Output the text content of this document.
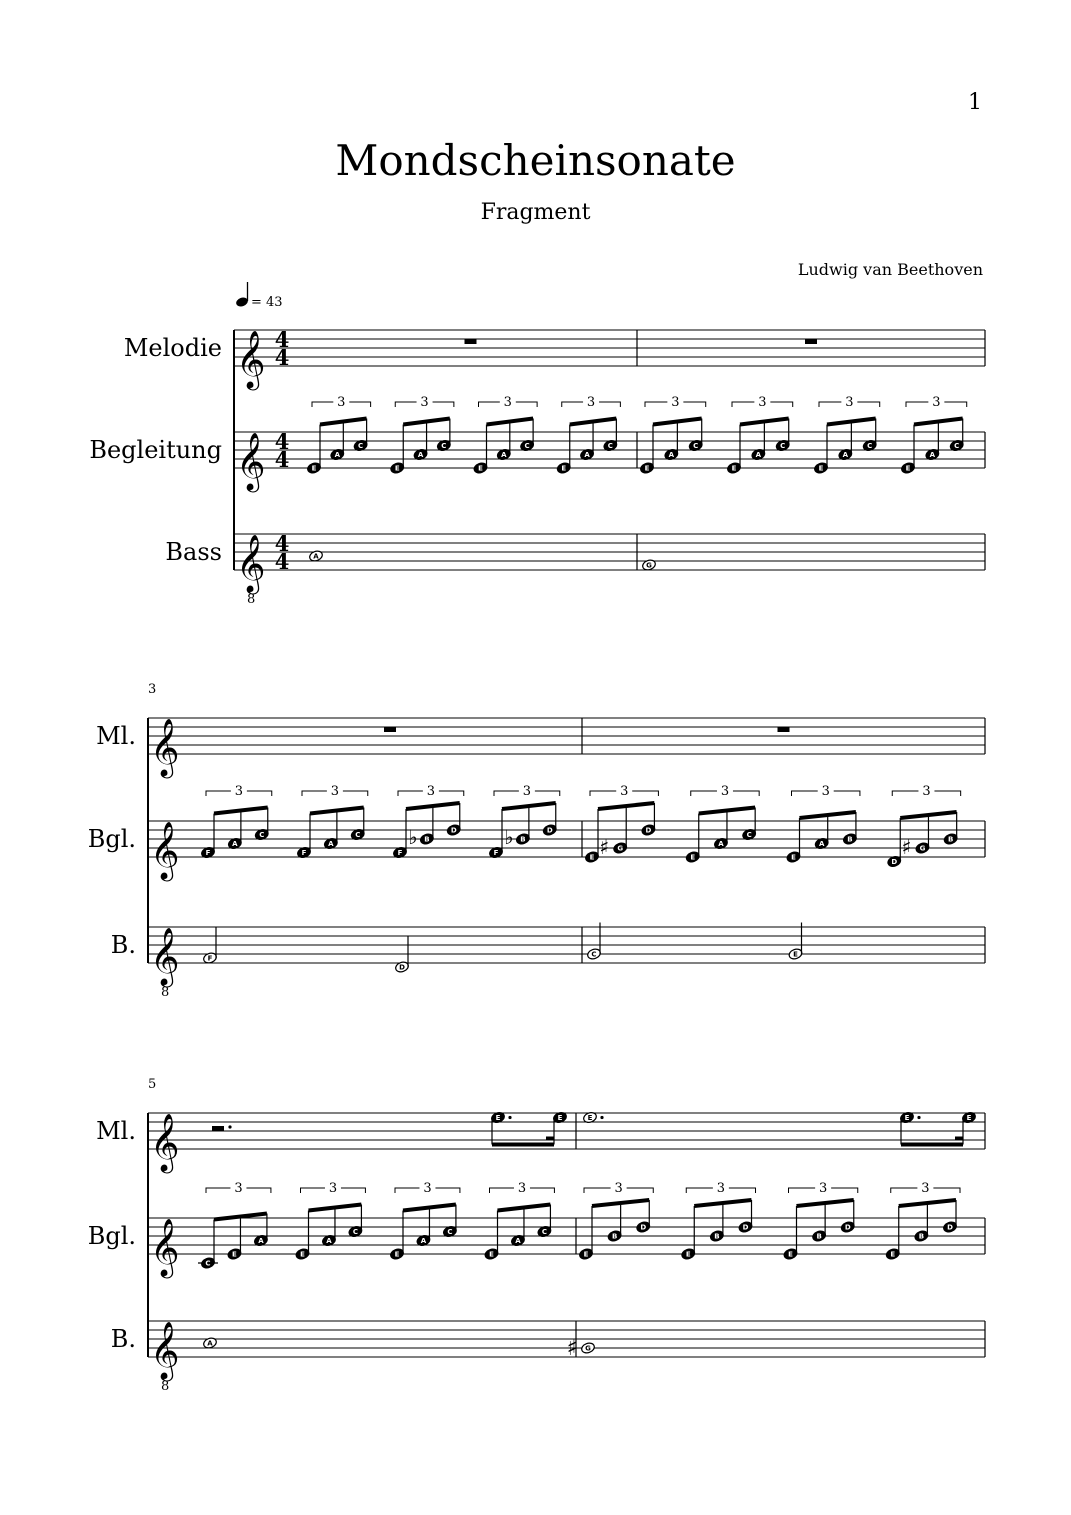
1
Mondscheinsonate
Fragment
Ludwig van Beethoven
Melodie 𝄞 4
4
Begleitung 𝄞 4
4
Bass 𝄞
8
4
4
E
A
C
3
E
A
C
3
E
A
C
3
E
A
C
3
A
E
A
C
3
E
A
C
3
E
A
C
3
E
A
C
3
G
3
Ml. 𝄞
Bgl. 𝄞
B. 𝄞
8
F
A
C
3
F
A
C
3
F
♭ B
D
3
F
♭ B
D
3
F
D
E ♯ G
D
3
E
A
C
3
E
A
B
3
D
♯ G
B
3
C	E
5
Ml. 𝄞
Bgl. 𝄞
B. 𝄞
8
E	E
C
E
A
3
E
A
C
3
E
A
C
3
E
A
C
3
A
E	E	E
E
B
D
3
E
B
D
3
E
B
D
3
E
B
D
3
♯ G
= 43
